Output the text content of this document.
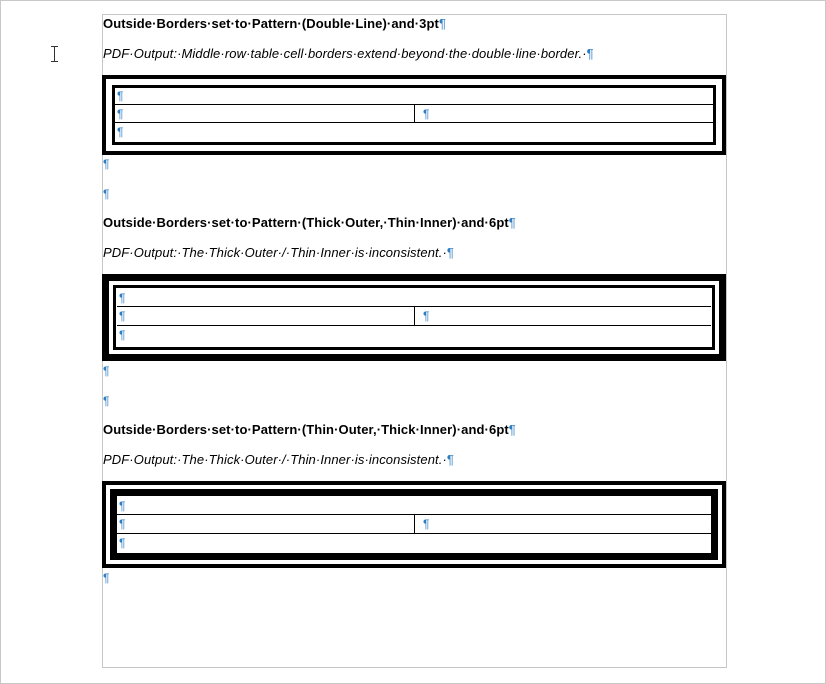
Outside·Borders·set·to·Pattern·(Double·Line)·and·3pt¶
PDF·Output:·Middle·row·table·cell·borders·extend·beyond·the·double·line·border.·¶
¶
¶	¶
¶
¶
¶
Outside·Borders·set·to·Pattern·(Thick·Outer,·Thin·Inner)·and·6pt¶
PDF·Output:·The·Thick·Outer·/·Thin·Inner·is·inconsistent.·¶
¶
¶	¶
¶
¶
¶
Outside·Borders·set·to·Pattern·(Thin·Outer,·Thick·Inner)·and·6pt¶
PDF·Output:·The·Thick·Outer·/·Thin·Inner·is·inconsistent.·¶
¶
¶	¶
¶
¶
